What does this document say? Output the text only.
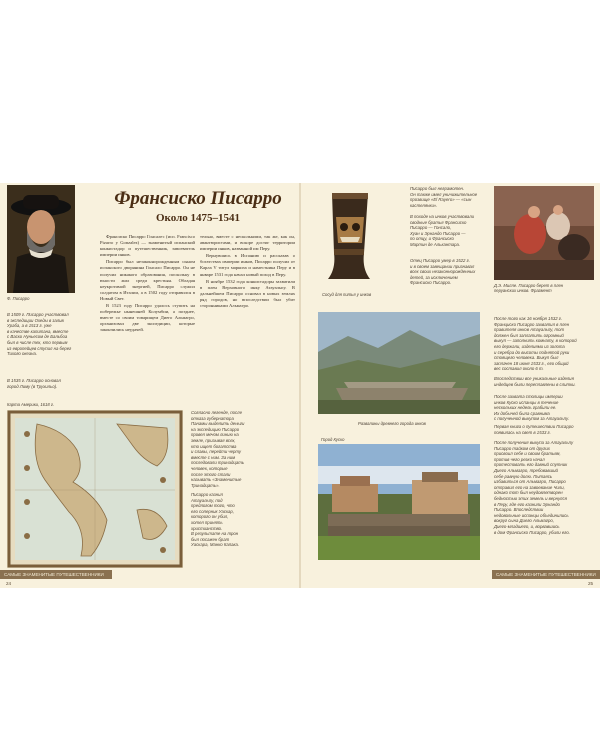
Ф. Писарро
В 1509 г. Писарро участвовал
в экспедиции Охеды в залив
Ураба, а в 1513 г. уже
в качестве капитана, вместе
с Васко Нуньесом де Бальбоа
был в числе тех, кто первым
из европейцев ступил на берег
Тихого океана.
В 1535 г. Писарро основал
город Лиму (в Трухильо).
Франсиско Писарро
Около 1475–1541

Франсиско Писарро Гонсалес (исп. Francisco Pizarro y Gonzalez) — знаменитый испанский конкистадор и путешественник, завоеватель империи инков.

Писарро был незаконнорожденным сыном испанского дворянина Гонсало Писарро. Он не получил никакого образования, поскольку в юности жил среди крестьян. Обладая неукротимой энергией, Писарро служил солдатом в Италии, а в 1502 году отправился в Новый Свет.

В 1523 году Писарро удалось ступить на побережье нынешней Колумбии, а позднее, вместе со своим товарищем Диего Альмагро, организовал две экспедиции, которые закончились неудачей.

тельно, вместе с несколькими, так же, как он, авантюристами, и вскоре достиг территории империи инков, названной им Перу.

Вернувшись в Испанию и рассказав о богатствах империи инков, Писарро получил от Карла V титул маркиза и наместника Перу и в январе 1531 года начал новый поход в Перу.

В ноябре 1532 года конкистадоры захватили в плен Верховного инку Атауальпу. В дальнейшем Писарро основал в новых землях ряд городов, но впоследствии был убит сторонниками Альмагро.

Карта Америки, 1618 г.
Согласно легенде, после
отказа губернатора
Панамы выделить деньги
на экспедицию Писарро
провел мечом линию на
земле, призывая всех,
кто ищет богатства
и славы, перейти черту
вместе с ним. За ним
последовали тринадцать
человек, которые
после этого стали
называть «Знаменитые
Тринадцать».
Писарро казнил
Атауальпу, под
предлогом того, что
его соперник Уаскар,
которого он убил,
хотел принять
христианство.
В результате на трон
был посажен брат
Уаскара, Манко Капака.
САМЫЕ ЗНАМЕНИТЫЕ ПУТЕШЕСТВЕННИКИ
24
Сосуд для питья у инков
Писарро был неграмотен.
Он также имел уничижительное
прозвище «El Rayero» — «сын
кастелянки».
В походе на инков участвовали
сводные братья Франсиско
Писарро — Гонсало,
Хуан и Эрнандо Писарро —
по отцу, и Франсиско
Мартин де Алькантара.
Отец Писарро умер в 1522 г.
и в своем завещании признавал
всех своих незаконнорожденных
детей, за исключением
Франсиско Писарро.
Д.Э. Милле. Писарро берет в плен
перуанских инков. Фрагмент
Развалины древнего города инков
Город Куско
После того как 16 ноября 1532 г.
Франциско Писарро захватил в плен
правителя инков Атауальпу, тот
должен был заплатить огромный
выкуп — заполнить комнату, в которой
его держали, изделиями из золота
и серебра до высоты поднятой руки
стоящего человека. Выкуп был
заплачен 18 июня 1533 г., его общий
вес составил около 6 т.
Впоследствии все уникальные изделия
индейцев были переплавлены в слитки.
После захвата столицы империи
инков Куско испанцы в течение
нескольких недель грабили ее.
Их добычей была сравнима
с полученной выкупом за Атауальпу.
Первая книга о путешествии Писарро
появилась на свет в 1533 г.
После получения выкупа за Атауальпу
Писарро тайком от других
присвоил себе и своим братьям,
против чего резко начал
протестовать его давний спутник
Диего Альмагро, требовавший
себе равную долю. Пытаясь
избавиться от Альмагро, Писарро
отправил его на завоевание Чили,
однако тот был неудовлетворен
бедностью этих земель и вернулся
в Перу, где его казнили Эрнандо
Писарро. Впоследствии
недовольные испанцы объединились
вокруг сына Диего Альмагро,
Диего-младшего, и, ворвавшись
в дом Франсиско Писарро, убили его.
САМЫЕ ЗНАМЕНИТЫЕ ПУТЕШЕСТВЕННИКИ
25
